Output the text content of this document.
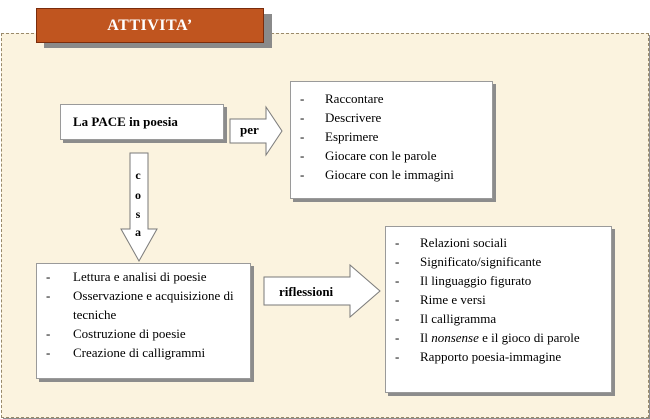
ATTIVITA’
La PACE in poesia
per
- Raccontare
- Descrivere
- Esprimere
- Giocare con le parole
- Giocare con le immagini
c
o
s
a
- Lettura e analisi di poesie
- Osservazione e acquisizione di tecniche
- Costruzione di poesie
- Creazione di calligrammi
riflessioni
- Relazioni sociali
- Significato/significante
- Il linguaggio figurato
- Rime e versi
- Il calligramma
- Il nonsense e il gioco di parole
- Rapporto poesia-immagine
